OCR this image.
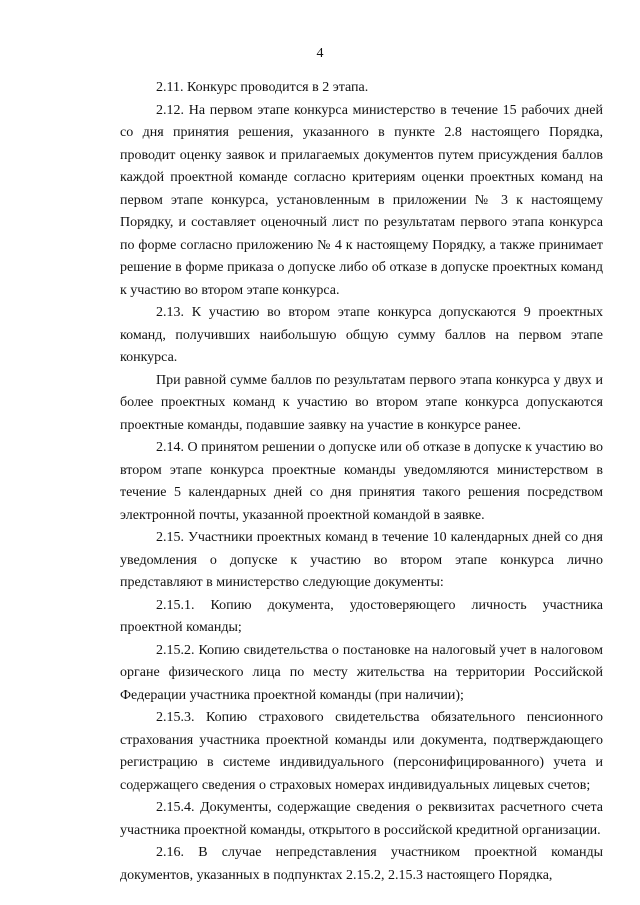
4

2.11. Конкурс проводится в 2 этапа.

2.12. На первом этапе конкурса министерство в течение 15 рабочих дней со дня принятия решения, указанного в пункте 2.8 настоящего Порядка, проводит оценку заявок и прилагаемых документов путем присуждения баллов каждой проектной команде согласно критериям оценки проектных команд на первом этапе конкурса, установленным в приложении № 3 к настоящему Порядку, и составляет оценочный лист по результатам первого этапа конкурса по форме согласно приложению № 4 к настоящему Порядку, а также принимает решение в форме приказа о допуске либо об отказе в допуске проектных команд к участию во втором этапе конкурса.

2.13. К участию во втором этапе конкурса допускаются 9 проектных команд, получивших наибольшую общую сумму баллов на первом этапе конкурса.

При равной сумме баллов по результатам первого этапа конкурса у двух и более проектных команд к участию во втором этапе конкурса допускаются проектные команды, подавшие заявку на участие в конкурсе ранее.

2.14. О принятом решении о допуске или об отказе в допуске к участию во втором этапе конкурса проектные команды уведомляются министерством в течение 5 календарных дней со дня принятия такого решения посредством электронной почты, указанной проектной командой в заявке.

2.15. Участники проектных команд в течение 10 календарных дней со дня уведомления о допуске к участию во втором этапе конкурса лично представляют в министерство следующие документы:

2.15.1. Копию документа, удостоверяющего личность участника проектной команды;

2.15.2. Копию свидетельства о постановке на налоговый учет в налоговом органе физического лица по месту жительства на территории Российской Федерации участника проектной команды (при наличии);

2.15.3. Копию страхового свидетельства обязательного пенсионного страхования участника проектной команды или документа, подтверждающего регистрацию в системе индивидуального (персонифицированного) учета и содержащего сведения о страховых номерах индивидуальных лицевых счетов;

2.15.4. Документы, содержащие сведения о реквизитах расчетного счета участника проектной команды, открытого в российской кредитной организации.

2.16. В случае непредставления участником проектной команды документов, указанных в подпунктах 2.15.2, 2.15.3 настоящего Порядка,
